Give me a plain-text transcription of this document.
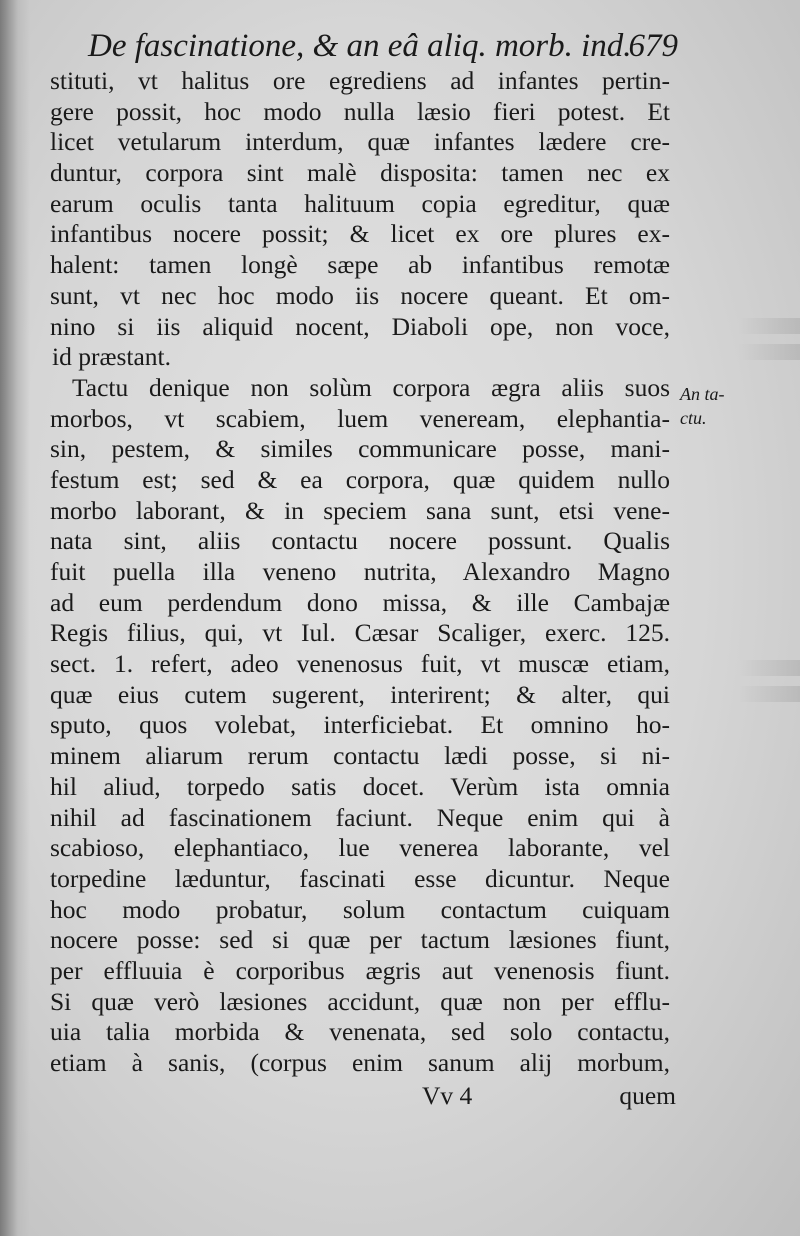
De fascinatione, & an eâ aliq. morb. ind.
679
stituti, vt halitus ore egrediens ad infantes pertin-
gere possit, hoc modo nulla læsio fieri potest. Et
licet vetularum interdum, quæ infantes lædere cre-
duntur, corpora sint malè disposita: tamen nec ex
earum oculis tanta halituum copia egreditur, quæ
infantibus nocere possit; & licet ex ore plures ex-
halent: tamen longè sæpe ab infantibus remotæ
sunt, vt nec hoc modo iis nocere queant. Et om-
nino si iis aliquid nocent, Diaboli ope, non voce,
id præstant.
Tactu denique non solùm corpora ægra aliis suos
morbos, vt scabiem, luem veneream, elephantia-
sin, pestem, & similes communicare posse, mani-
festum est; sed & ea corpora, quæ quidem nullo
morbo laborant, & in speciem sana sunt, etsi vene-
nata sint, aliis contactu nocere possunt. Qualis
fuit puella illa veneno nutrita, Alexandro Magno
ad eum perdendum dono missa, & ille Cambajæ
Regis filius, qui, vt Iul. Cæsar Scaliger, exerc. 125.
sect. 1. refert, adeo venenosus fuit, vt muscæ etiam,
quæ eius cutem sugerent, interirent; & alter, qui
sputo, quos volebat, interficiebat. Et omnino ho-
minem aliarum rerum contactu lædi posse, si ni-
hil aliud, torpedo satis docet. Verùm ista omnia
nihil ad fascinationem faciunt. Neque enim qui à
scabioso, elephantiaco, lue venerea laborante, vel
torpedine læduntur, fascinati esse dicuntur. Neque
hoc modo probatur, solum contactum cuiquam
nocere posse: sed si quæ per tactum læsiones fiunt,
per effluuia è corporibus ægris aut venenosis fiunt.
Si quæ verò læsiones accidunt, quæ non per efflu-
uia talia morbida & venenata, sed solo contactu,
etiam à sanis, (corpus enim sanum alij morbum,
An ta-
ctu.
Vv 4	quem
